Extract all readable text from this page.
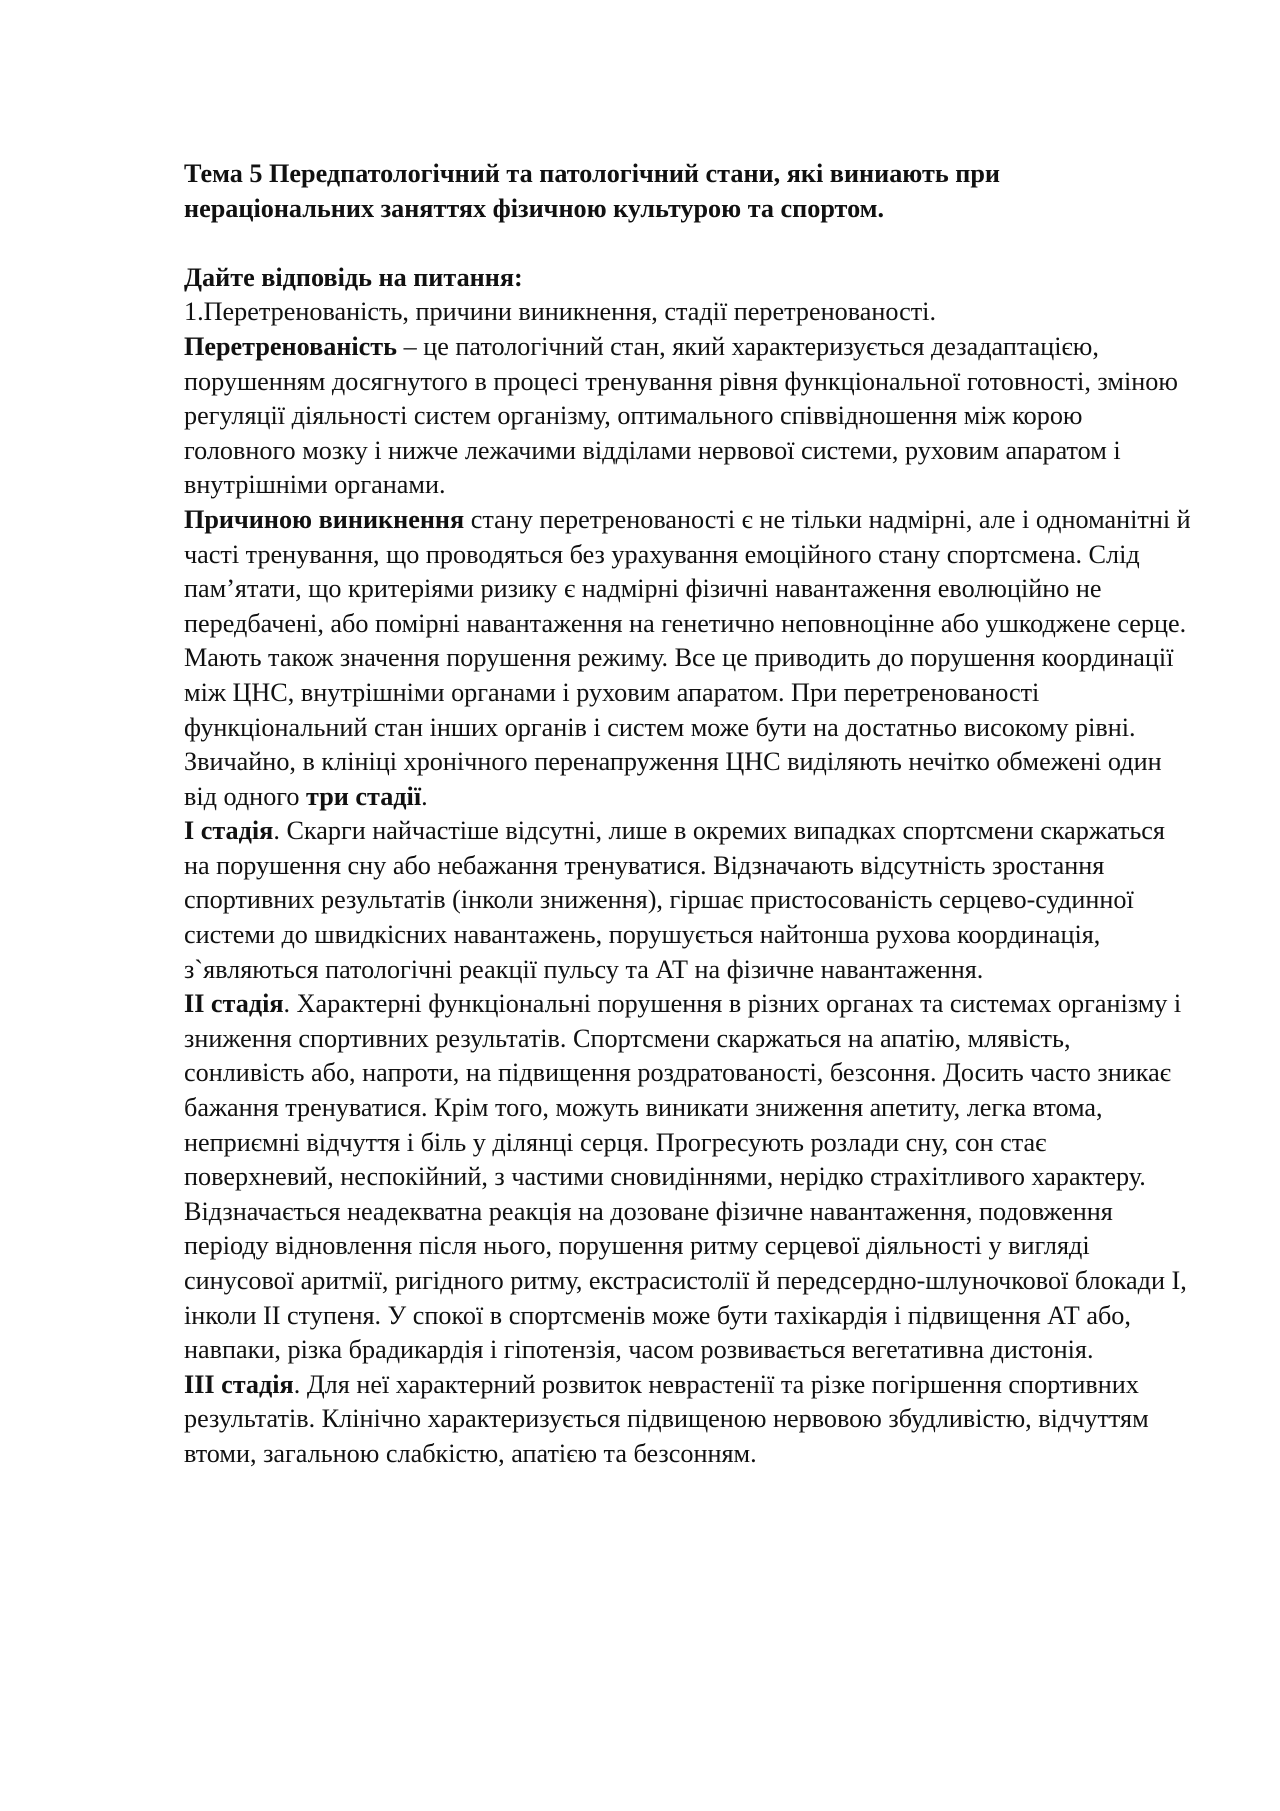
Тема 5 Передпатологічний та патологічний стани, які виниають при нераціональних заняттях фізичною культурою та спортом.

Дайте відповідь на питання:

1.Перетренованість, причини виникнення, стадії перетренованості.

Перетренованість – це патологічний стан, який характеризується дезадаптацією, порушенням досягнутого в процесі тренування рівня функціональної готовності, зміною регуляції діяльності систем організму, оптимального співвідношення між корою головного мозку і нижче лежачими відділами нервової системи, руховим апаратом і внутрішніми органами.

Причиною виникнення стану перетренованості є не тільки надмірні, але і одноманітні й часті тренування, що проводяться без урахування емоційного стану спортсмена. Слід пам’ятати, що критеріями ризику є надмірні фізичні навантаження еволюційно не передбачені, або помірні навантаження на генетично неповноцінне або ушкоджене серце. Мають також значення порушення режиму. Все це приводить до порушення координації між ЦНС, внутрішніми органами і руховим апаратом. При перетренованості функціональний стан інших органів і систем може бути на достатньо високому рівні.

Звичайно, в клініці хронічного перенапруження ЦНС виділяють нечітко обмежені один від одного три стадії.

І стадія. Скарги найчастіше відсутні, лише в окремих випадках спортсмени скаржаться на порушення сну або небажання тренуватися. Відзначають відсутність зростання спортивних результатів (інколи зниження), гіршає пристосованість серцево-судинної системи до швидкісних навантажень, порушується найтонша рухова координація, з`являються патологічні реакції пульсу та АТ на фізичне навантаження.

ІІ стадія. Характерні функціональні порушення в різних органах та системах організму і зниження спортивних результатів. Спортсмени скаржаться на апатію, млявість, сонливість або, напроти, на підвищення роздратованості, безсоння. Досить часто зникає бажання тренуватися. Крім того, можуть виникати зниження апетиту, легка втома, неприємні відчуття і біль у ділянці серця. Прогресують розлади сну, сон стає поверхневий, неспокійний, з частими сновидіннями, нерідко страхітливого характеру. Відзначається неадекватна реакція на дозоване фізичне навантаження, подовження періоду відновлення після нього, порушення ритму серцевої діяльності у вигляді синусової аритмії, ригідного ритму, екстрасистолії й передсердно-шлуночкової блокади І, інколи ІІ ступеня. У спокої в спортсменів може бути тахікардія і підвищення АТ або, навпаки, різка брадикардія і гіпотензія, часом розвивається вегетативна дистонія.

ІІІ стадія. Для неї характерний розвиток неврастенії та різке погіршення спортивних результатів. Клінічно характеризується підвищеною нервовою збудливістю, відчуттям втоми, загальною слабкістю, апатією та безсонням.
